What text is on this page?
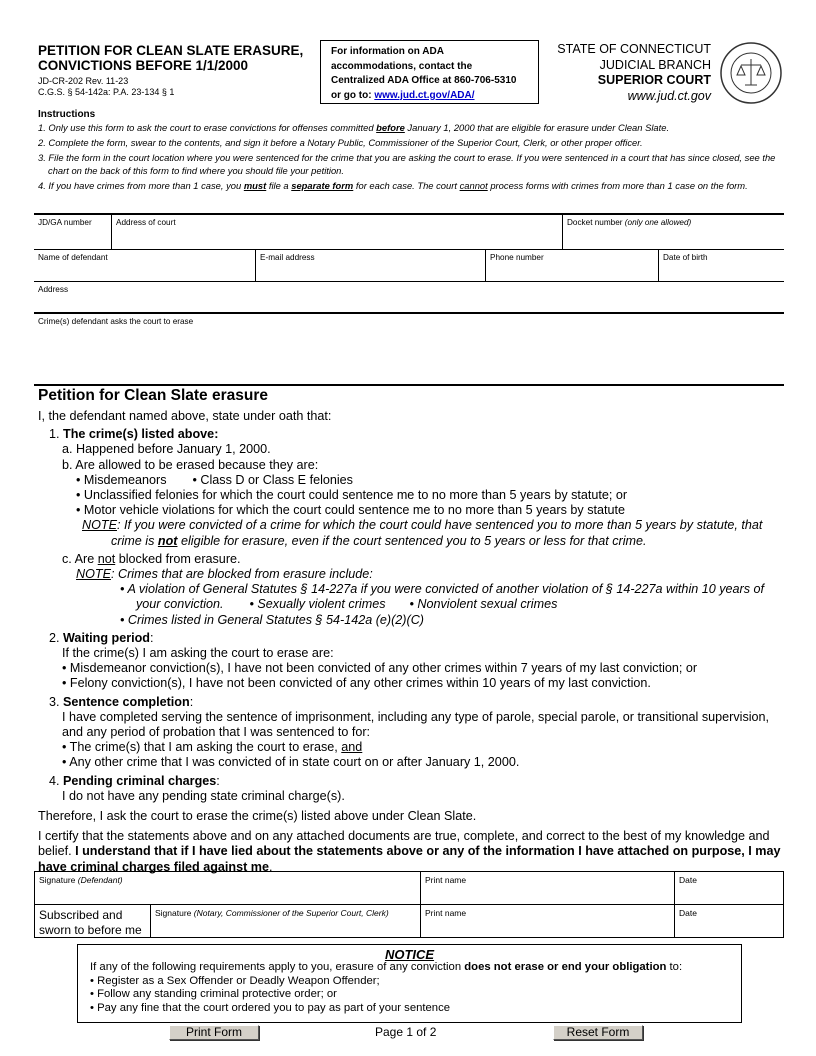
PETITION FOR CLEAN SLATE ERASURE,
CONVICTIONS BEFORE 1/1/2000
JD-CR-202 Rev. 11-23
C.G.S. § 54-142a: P.A. 23-134 § 1
For information on ADA
accommodations, contact the
Centralized ADA Office at 860-706-5310
or go to: www.jud.ct.gov/ADA/
STATE OF CONNECTICUT
JUDICIAL BRANCH
SUPERIOR COURT
www.jud.ct.gov
Instructions

1. Only use this form to ask the court to erase convictions for offenses committed before January 1, 2000 that are eligible for erasure under Clean Slate.

2. Complete the form, swear to the contents, and sign it before a Notary Public, Commissioner of the Superior Court, Clerk, or other proper officer.

3. File the form in the court location where you were sentenced for the crime that you are asking the court to erase. If you were sentenced in a court that has since closed, see the chart on the back of this form to find where you should file your petition.

4. If you have crimes from more than 1 case, you must file a separate form for each case. The court cannot process forms with crimes from more than 1 case on the form.

JD/GA number	Address of court	Docket number (only one allowed)
Name of defendant	E-mail address	Phone number	Date of birth
Address
Crime(s) defendant asks the court to erase
Petition for Clean Slate erasure
I, the defendant named above, state under oath that:
1. The crime(s) listed above:
a. Happened before January 1, 2000.
b. Are allowed to be erased because they are:
• Misdemeanors • Class D or Class E felonies
• Unclassified felonies for which the court could sentence me to no more than 5 years by statute; or
• Motor vehicle violations for which the court could sentence me to no more than 5 years by statute
NOTE: If you were convicted of a crime for which the court could have sentenced you to more than 5 years by statute, that
crime is not eligible for erasure, even if the court sentenced you to 5 years or less for that crime.
c. Are not blocked from erasure.
NOTE: Crimes that are blocked from erasure include:
• A violation of General Statutes § 14-227a if you were convicted of another violation of § 14-227a within 10 years of
your conviction. • Sexually violent crimes • Nonviolent sexual crimes
• Crimes listed in General Statutes § 54-142a (e)(2)(C)
2. Waiting period:
If the crime(s) I am asking the court to erase are:
• Misdemeanor conviction(s), I have not been convicted of any other crimes within 7 years of my last conviction; or
• Felony conviction(s), I have not been convicted of any other crimes within 10 years of my last conviction.
3. Sentence completion:
I have completed serving the sentence of imprisonment, including any type of parole, special parole, or transitional supervision,
and any period of probation that I was sentenced to for:
• The crime(s) that I am asking the court to erase, and
• Any other crime that I was convicted of in state court on or after January 1, 2000.
4. Pending criminal charges:
I do not have any pending state criminal charge(s).
Therefore, I ask the court to erase the crime(s) listed above under Clean Slate.
I certify that the statements above and on any attached documents are true, complete, and correct to the best of my knowledge and belief. I understand that if I have lied about the statements above or any of the information I have attached on purpose, I may have criminal charges filed against me.
Signature (Defendant)	Print name	Date
Subscribed and sworn to before me
Signature (Notary, Commissioner of the Superior Court, Clerk)	Print name	Date
NOTICE
If any of the following requirements apply to you, erasure of any conviction does not erase or end your obligation to:
• Register as a Sex Offender or Deadly Weapon Offender;
• Follow any standing criminal protective order; or
• Pay any fine that the court ordered you to pay as part of your sentence
Print Form	Page 1 of 2	Reset Form
